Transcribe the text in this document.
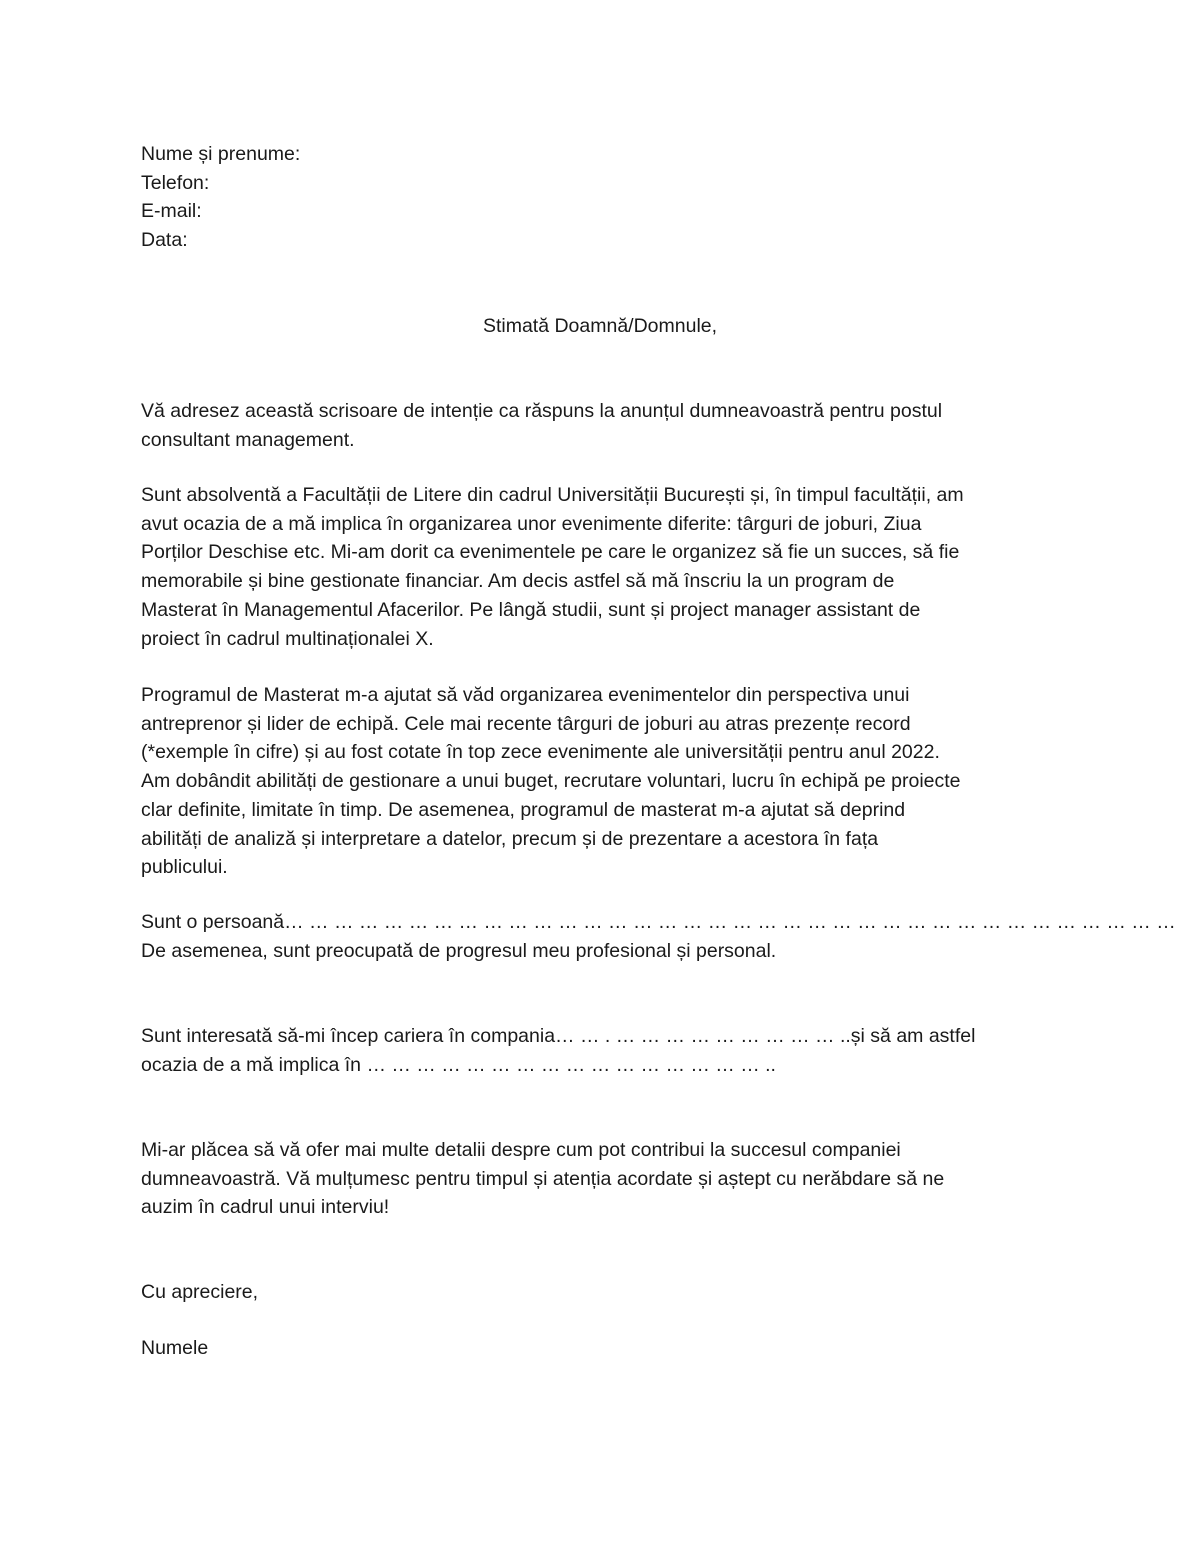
Nume și prenume:
Telefon:
E-mail:
Data:
Stimată Doamnă/Domnule,
Vă adresez această scrisoare de intenție ca răspuns la anunțul dumneavoastră pentru postul
consultant management.
Sunt absolventă a Facultății de Litere din cadrul Universității București și, în timpul facultății, am
avut ocazia de a mă implica în organizarea unor evenimente diferite: târguri de joburi, Ziua
Porților Deschise etc. Mi-am dorit ca evenimentele pe care le organizez să fie un succes, să fie
memorabile și bine gestionate financiar. Am decis astfel să mă înscriu la un program de
Masterat în Managementul Afacerilor. Pe lângă studii, sunt și project manager assistant de
proiect în cadrul multinaționalei X.
Programul de Masterat m-a ajutat să văd organizarea evenimentelor din perspectiva unui
antreprenor și lider de echipă. Cele mai recente târguri de joburi au atras prezențe record
(*exemple în cifre) și au fost cotate în top zece evenimente ale universității pentru anul 2022.
Am dobândit abilități de gestionare a unui buget, recrutare voluntari, lucru în echipă pe proiecte
clar definite, limitate în timp. De asemenea, programul de masterat m-a ajutat să deprind
abilități de analiză și interpretare a datelor, precum și de prezentare a acestora în fața
publicului.
Sunt o persoană… … … … … … … … … … … … … … … … … … … … … … … … … … … … … … … … … … … …
De asemenea, sunt preocupată de progresul meu profesional și personal.
Sunt interesată să-mi încep cariera în compania… … . … … … … … … … … … ..și să am astfel
ocazia de a mă implica în … … … … … … … … … … … … … … … … ..
Mi-ar plăcea să vă ofer mai multe detalii despre cum pot contribui la succesul companiei
dumneavoastră. Vă mulțumesc pentru timpul și atenția acordate și aștept cu nerăbdare să ne
auzim în cadrul unui interviu!
Cu apreciere,
Numele
